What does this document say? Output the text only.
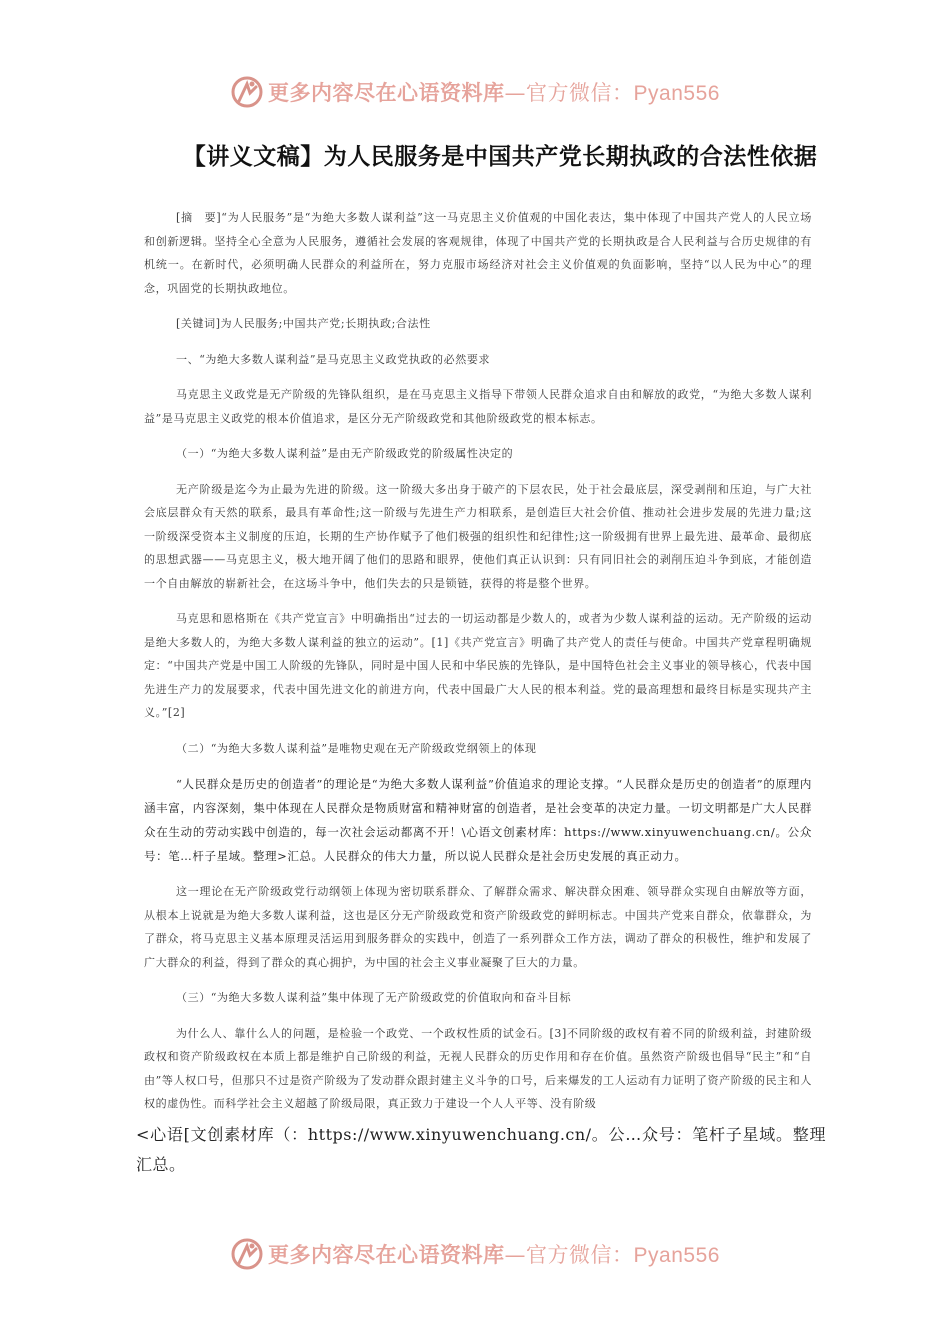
更多内容尽在心语资料库—官方微信：Pyan556
【讲义文稿】为人民服务是中国共产党长期执政的合法性依据

[摘　要]“为人民服务”是“为绝大多数人谋利益”这一马克思主义价值观的中国化表达，集中体现了中国共产党人的人民立场和创新逻辑。坚持全心全意为人民服务，遵循社会发展的客观规律，体现了中国共产党的长期执政是合人民利益与合历史规律的有机统一。在新时代，必须明确人民群众的利益所在，努力克服市场经济对社会主义价值观的负面影响，坚持“以人民为中心”的理念，巩固党的长期执政地位。

[关键词]为人民服务;中国共产党;长期执政;合法性

一、“为绝大多数人谋利益”是马克思主义政党执政的必然要求

马克思主义政党是无产阶级的先锋队组织，是在马克思主义指导下带领人民群众追求自由和解放的政党，“为绝大多数人谋利益”是马克思主义政党的根本价值追求，是区分无产阶级政党和其他阶级政党的根本标志。

（一）“为绝大多数人谋利益”是由无产阶级政党的阶级属性决定的

无产阶级是迄今为止最为先进的阶级。这一阶级大多出身于破产的下层农民，处于社会最底层，深受剥削和压迫，与广大社会底层群众有天然的联系，最具有革命性;这一阶级与先进生产力相联系，是创造巨大社会价值、推动社会进步发展的先进力量;这一阶级深受资本主义制度的压迫，长期的生产协作赋予了他们极强的组织性和纪律性;这一阶级拥有世界上最先进、最革命、最彻底的思想武器——马克思主义，极大地开阔了他们的思路和眼界，使他们真正认识到：只有同旧社会的剥削压迫斗争到底，才能创造一个自由解放的崭新社会，在这场斗争中，他们失去的只是锁链，获得的将是整个世界。

马克思和恩格斯在《共产党宣言》中明确指出“过去的一切运动都是少数人的，或者为少数人谋利益的运动。无产阶级的运动是绝大多数人的，为绝大多数人谋利益的独立的运动”。[1]《共产党宣言》明确了共产党人的责任与使命。中国共产党章程明确规定：“中国共产党是中国工人阶级的先锋队，同时是中国人民和中华民族的先锋队，是中国特色社会主义事业的领导核心，代表中国先进生产力的发展要求，代表中国先进文化的前进方向，代表中国最广大人民的根本利益。党的最高理想和最终目标是实现共产主义。”[2]

（二）“为绝大多数人谋利益”是唯物史观在无产阶级政党纲领上的体现

“人民群众是历史的创造者”的理论是“为绝大多数人谋利益”价值追求的理论支撑。“人民群众是历史的创造者”的原理内涵丰富，内容深刻，集中体现在人民群众是物质财富和精神财富的创造者，是社会变革的决定力量。一切文明都是广大人民群众在生动的劳动实践中创造的，每一次社会运动都离不开！\心语文创素材库：https://www.xinyuwenchuang.cn/。公众号：笔…杆子星域。整理>汇总。人民群众的伟大力量，所以说人民群众是社会历史发展的真正动力。

这一理论在无产阶级政党行动纲领上体现为密切联系群众、了解群众需求、解决群众困难、领导群众实现自由解放等方面，从根本上说就是为绝大多数人谋利益，这也是区分无产阶级政党和资产阶级政党的鲜明标志。中国共产党来自群众，依靠群众，为了群众，将马克思主义基本原理灵活运用到服务群众的实践中，创造了一系列群众工作方法，调动了群众的积极性，维护和发展了广大群众的利益，得到了群众的真心拥护，为中国的社会主义事业凝聚了巨大的力量。

（三）“为绝大多数人谋利益”集中体现了无产阶级政党的价值取向和奋斗目标

为什么人、靠什么人的问题，是检验一个政党、一个政权性质的试金石。[3]不同阶级的政权有着不同的阶级利益，封建阶级政权和资产阶级政权在本质上都是维护自己阶级的利益，无视人民群众的历史作用和存在价值。虽然资产阶级也倡导“民主”和“自由”等人权口号，但那只不过是资产阶级为了发动群众跟封建主义斗争的口号，后来爆发的工人运动有力证明了资产阶级的民主和人权的虚伪性。而科学社会主义超越了阶级局限，真正致力于建设一个人人平等、没有阶级

<心语[文创素材库（：https://www.xinyuwenchuang.cn/。公…众号：笔杆子星域。整理汇总。
更多内容尽在心语资料库—官方微信：Pyan556
